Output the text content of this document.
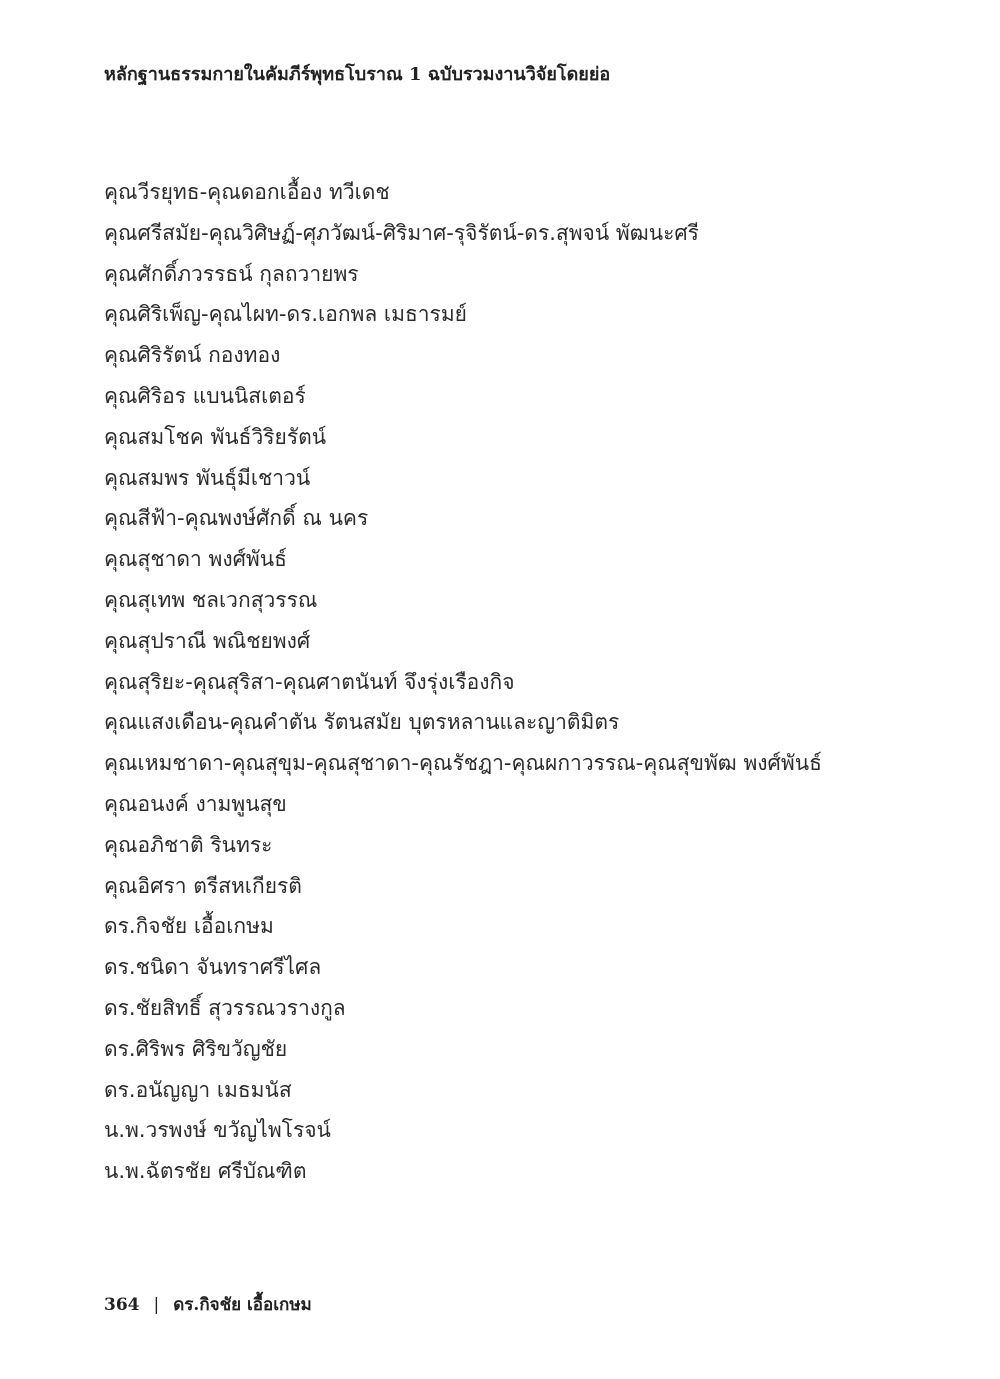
หลักฐานธรรมกายในคัมภีร์พุทธโบราณ 1 ฉบับรวมงานวิจัยโดยย่อ
คุณวีรยุทธ-คุณดอกเอื้อง ทวีเดช
คุณศรีสมัย-คุณวิศิษฏ์-ศุภวัฒน์-ศิริมาศ-รุจิรัตน์-ดร.สุพจน์ พัฒนะศรี
คุณศักดิ์ภวรรธน์ กุลถวายพร
คุณศิริเพ็ญ-คุณไผท-ดร.เอกพล เมธารมย์
คุณศิริรัตน์ กองทอง
คุณศิริอร แบนนิสเตอร์
คุณสมโชค พันธ์วิริยรัตน์
คุณสมพร พันธุ์มีเชาวน์
คุณสีฟ้า-คุณพงษ์ศักดิ์ ณ นคร
คุณสุชาดา พงศ์พันธ์
คุณสุเทพ ชลเวกสุวรรณ
คุณสุปราณี พณิชยพงศ์
คุณสุริยะ-คุณสุริสา-คุณศาตนันท์ จึงรุ่งเรืองกิจ
คุณแสงเดือน-คุณคำตัน รัตนสมัย บุตรหลานและญาติมิตร
คุณเหมชาดา-คุณสุขุม-คุณสุชาดา-คุณรัชฎา-คุณผกาวรรณ-คุณสุขพัฒ พงศ์พันธ์
คุณอนงค์ งามพูนสุข
คุณอภิชาติ รินทระ
คุณอิศรา ตรีสหเกียรติ
ดร.กิจชัย เอื้อเกษม
ดร.ชนิดา จันทราศรีไศล
ดร.ชัยสิทธิ์ สุวรรณวรางกูล
ดร.ศิริพร ศิริขวัญชัย
ดร.อนัญญา เมธมนัส
น.พ.วรพงษ์ ขวัญไพโรจน์
น.พ.ฉัตรชัย ศรีบัณฑิต
364 | ดร.กิจชัย เอื้อเกษม
